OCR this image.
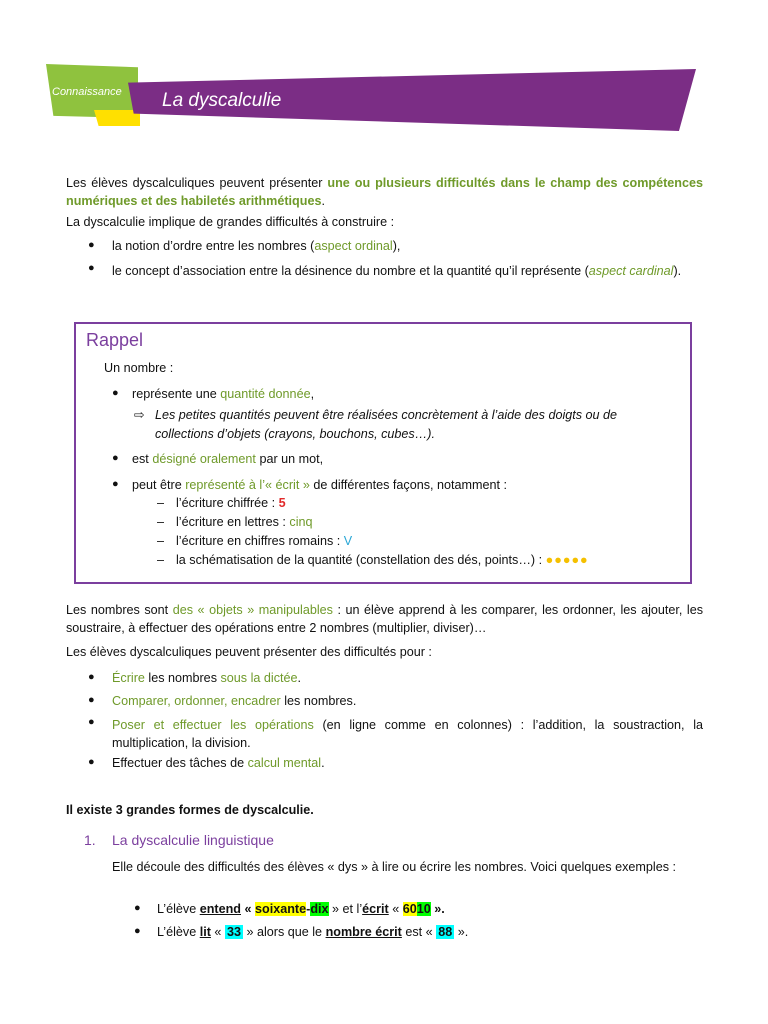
Connaissance La dyscalculie
Les élèves dyscalculiques peuvent présenter une ou plusieurs difficultés dans le champ des compétences numériques et des habiletés arithmétiques.
La dyscalculie implique de grandes difficultés à construire :
● la notion d’ordre entre les nombres (aspect ordinal),
● le concept d’association entre la désinence du nombre et la quantité qu’il représente (aspect cardinal).
Rappel
Un nombre :
● représente une quantité donnée,
⇨ Les petites quantités peuvent être réalisées concrètement à l’aide des doigts ou de
collections d’objets (crayons, bouchons, cubes…).
● est désigné oralement par un mot,
● peut être représenté à l’« écrit » de différentes façons, notamment :
– l’écriture chiffrée : 5
– l’écriture en lettres : cinq
– l’écriture en chiffres romains : V
– la schématisation de la quantité (constellation des dés, points…) : ●●●●●
Les nombres sont des « objets » manipulables : un élève apprend à les comparer, les ordonner, les ajouter, les soustraire, à effectuer des opérations entre 2 nombres (multiplier, diviser)…
Les élèves dyscalculiques peuvent présenter des difficultés pour :
● Écrire les nombres sous la dictée.
● Comparer, ordonner, encadrer les nombres.
● Poser et effectuer les opérations (en ligne comme en colonnes) : l’addition, la soustraction, la multiplication, la division.
● Effectuer des tâches de calcul mental.
Il existe 3 grandes formes de dyscalculie.
1. La dyscalculie linguistique
Elle découle des difficultés des élèves « dys » à lire ou écrire les nombres. Voici quelques exemples :
● L’élève entend « soixante-dix » et l’écrit « 6010 ».
● L’élève lit « 33 » alors que le nombre écrit est « 88 ».
